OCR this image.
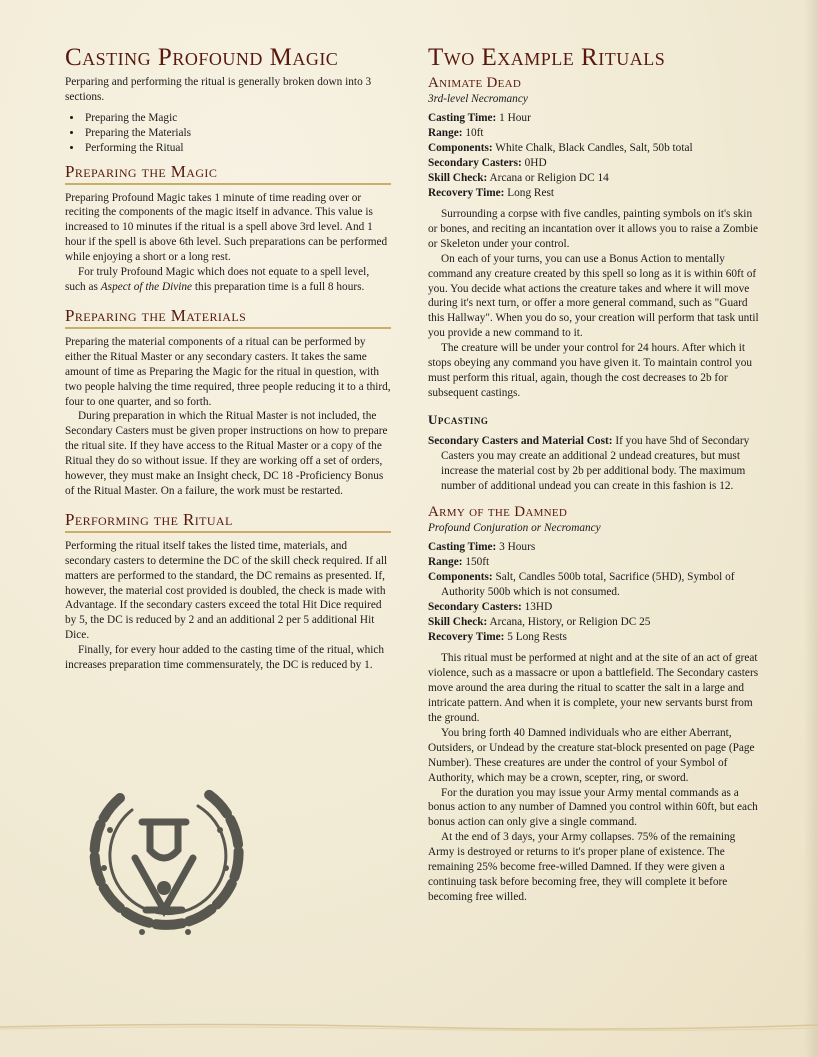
Casting Profound Magic

Perparing and performing the ritual is generally broken down into 3 sections.

• Preparing the Magic
• Preparing the Materials
• Performing the Ritual
Preparing the Magic

Preparing Profound Magic takes 1 minute of time reading over or reciting the components of the magic itself in advance. This value is increased to 10 minutes if the ritual is a spell above 3rd level. And 1 hour if the spell is above 6th level. Such preparations can be performed while enjoying a short or a long rest.

For truly Profound Magic which does not equate to a spell level, such as Aspect of the Divine this preparation time is a full 8 hours.

Preparing the Materials

Preparing the material components of a ritual can be performed by either the Ritual Master or any secondary casters. It takes the same amount of time as Preparing the Magic for the ritual in question, with two people halving the time required, three people reducing it to a third, four to one quarter, and so forth.

During preparation in which the Ritual Master is not included, the Secondary Casters must be given proper instructions on how to prepare the ritual site. If they have access to the Ritual Master or a copy of the Ritual they do so without issue. If they are working off a set of orders, however, they must make an Insight check, DC 18 -Proficiency Bonus of the Ritual Master. On a failure, the work must be restarted.

Performing the Ritual

Performing the ritual itself takes the listed time, materials, and secondary casters to determine the DC of the skill check required. If all matters are performed to the standard, the DC remains as presented. If, however, the material cost provided is doubled, the check is made with Advantage. If the secondary casters exceed the total Hit Dice required by 5, the DC is reduced by 2 and an additional 2 per 5 additional Hit Dice.

Finally, for every hour added to the casting time of the ritual, which increases preparation time commensurately, the DC is reduced by 1.

Two Example Rituals
Animate Dead
3rd-level Necromancy
Casting Time: 1 Hour
Range: 10ft
Components: White Chalk, Black Candles, Salt, 50b total
Secondary Casters: 0HD
Skill Check: Arcana or Religion DC 14
Recovery Time: Long Rest

Surrounding a corpse with five candles, painting symbols on it's skin or bones, and reciting an incantation over it allows you to raise a Zombie or Skeleton under your control.

On each of your turns, you can use a Bonus Action to mentally command any creature created by this spell so long as it is within 60ft of you. You decide what actions the creature takes and where it will move during it's next turn, or offer a more general command, such as "Guard this Hallway". When you do so, your creation will perform that task until you provide a new command to it.

The creature will be under your control for 24 hours. After which it stops obeying any command you have given it. To maintain control you must perform this ritual, again, though the cost decreases to 2b for subsequent castings.

Upcasting

Secondary Casters and Material Cost: If you have 5hd of Secondary Casters you may create an additional 2 undead creatures, but must increase the material cost by 2b per additional body. The maximum number of additional undead you can create in this fashion is 12.

Army of the Damned
Profound Conjuration or Necromancy
Casting Time: 3 Hours
Range: 150ft
Components: Salt, Candles 500b total, Sacrifice (5HD), Symbol of Authority 500b which is not consumed.
Secondary Casters: 13HD
Skill Check: Arcana, History, or Religion DC 25
Recovery Time: 5 Long Rests

This ritual must be performed at night and at the site of an act of great violence, such as a massacre or upon a battlefield. The Secondary casters move around the area during the ritual to scatter the salt in a large and intricate pattern. And when it is complete, your new servants burst from the ground.

You bring forth 40 Damned individuals who are either Aberrant, Outsiders, or Undead by the creature stat-block presented on page (Page Number). These creatures are under the control of your Symbol of Authority, which may be a crown, scepter, ring, or sword.

For the duration you may issue your Army mental commands as a bonus action to any number of Damned you control within 60ft, but each bonus action can only give a single command.

At the end of 3 days, your Army collapses. 75% of the remaining Army is destroyed or returns to it's proper plane of existence. The remaining 25% become free-willed Damned. If they were given a continuing task before becoming free, they will complete it before becoming free willed.
